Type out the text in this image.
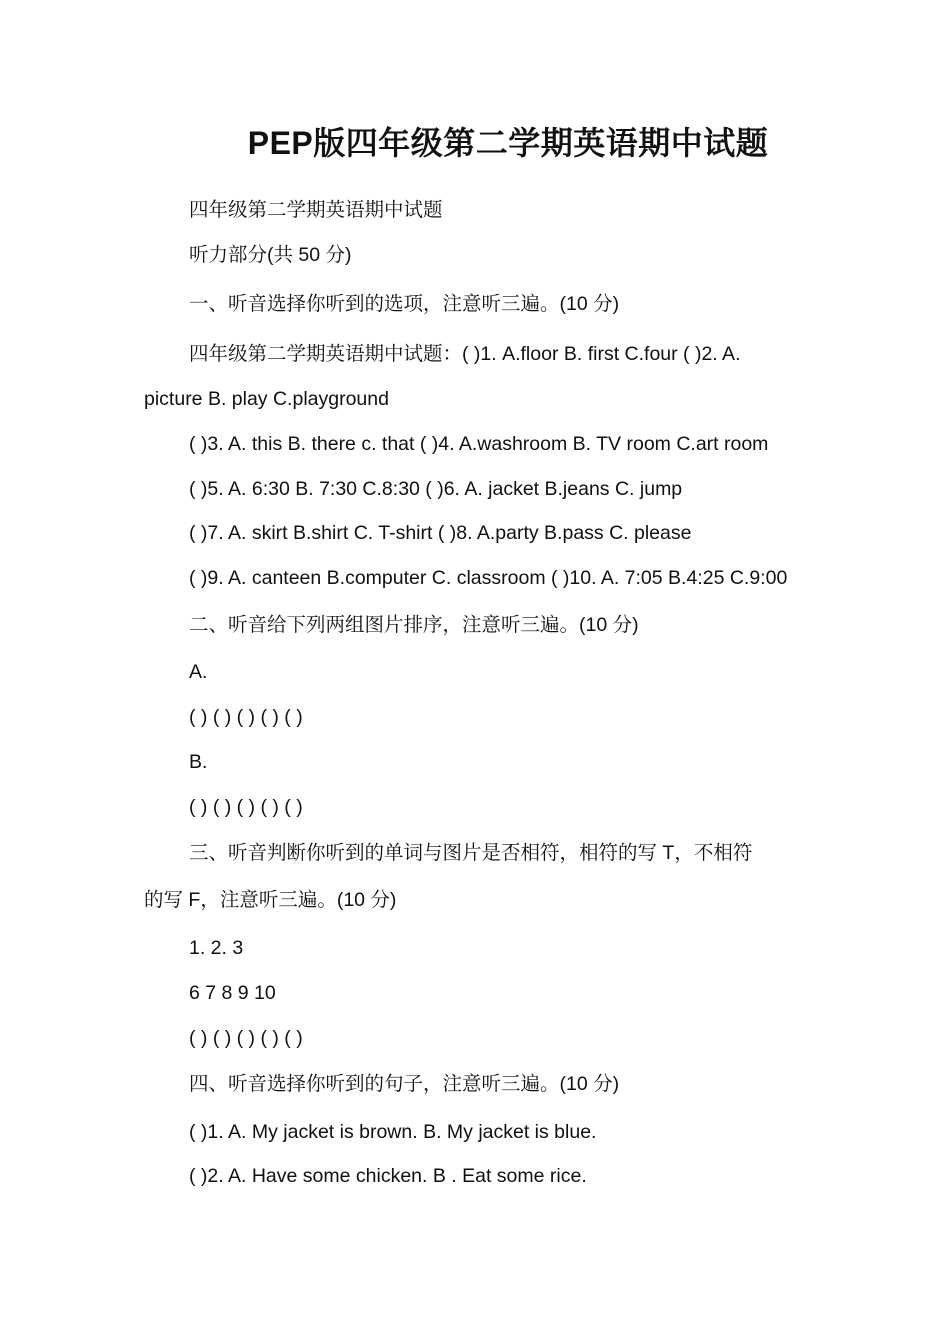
PEP版四年级第二学期英语期中试题

四年级第二学期英语期中试题

听力部分(共 50 分)

一、听音选择你听到的选项，注意听三遍。(10 分)

四年级第二学期英语期中试题：( )1. A.floor B. first C.four ( )2. A.

picture B. play C.playground

( )3. A. this B. there c. that ( )4. A.washroom B. TV room C.art room

( )5. A. 6:30 B. 7:30 C.8:30 ( )6. A. jacket B.jeans C. jump

( )7. A. skirt B.shirt C. T-shirt ( )8. A.party B.pass C. please

( )9. A. canteen B.computer C. classroom ( )10. A. 7:05 B.4:25 C.9:00

二、听音给下列两组图片排序，注意听三遍。(10 分)

A.

( ) ( ) ( ) ( ) ( )

B.

( ) ( ) ( ) ( ) ( )

三、听音判断你听到的单词与图片是否相符，相符的写 T，不相符

的写 F，注意听三遍。(10 分)

1. 2. 3

6 7 8 9 10

( ) ( ) ( ) ( ) ( )

四、听音选择你听到的句子，注意听三遍。(10 分)

( )1. A. My jacket is brown. B. My jacket is blue.

( )2. A. Have some chicken. B . Eat some rice.
